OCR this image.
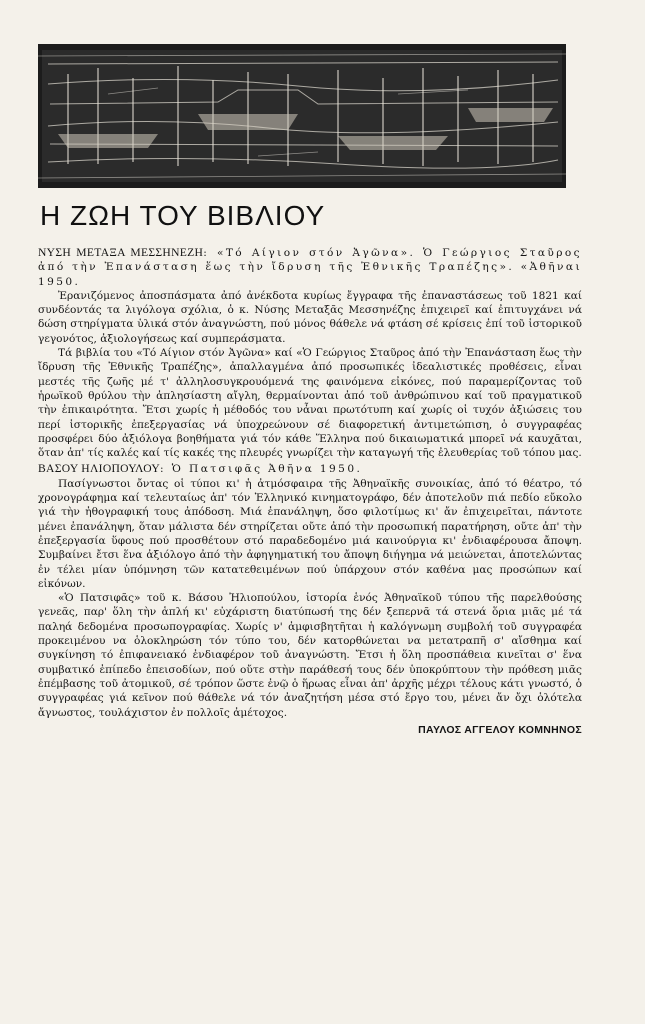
Η ΖΩΗ ΤΟΥ ΒΙΒΛΙΟΥ

ΝΥΣΗ ΜΕΤΑΞΑ ΜΕΣΣΗΝΕΖΗ: «Τό Αίγιον στόν Ἀγῶνα». Ὁ Γεώργιος Σταῦρος ἀπό τὴν Ἐπανάσταση ἕως τὴν ἴδρυση τῆς Ἐθνικῆς Τραπέζης». «Ἀθῆναι 1950.

Ἐρανιζόμενος ἀποσπάσματα ἀπό ἀνέκδοτα κυρίως ἔγγραφα τῆς ἐπαναστάσεως τοῦ 1821 καί συνδέοντάς τα λιγόλογα σχόλια, ὁ κ. Νύσης Μεταξᾶς Μεσσηνέζης ἐπιχειρεῖ καί ἐπιτυγχάνει νά δώση στηρίγματα ὑλικά στόν ἀναγνώστη, πού μόνος θάθελε νά φτάση σέ κρίσεις ἐπί τοῦ ἱστορικοῦ γεγονότος, ἀξιολογήσεως καί συμπεράσματα.

Τά βιβλία του «Τό Αίγιον στόν Ἀγῶνα» καί «Ὁ Γεώργιος Σταῦρος ἀπό τὴν Ἐπανάσταση ἕως τὴν ἴδρυση τῆς Ἐθνικῆς Τραπέζης», ἀπαλλαγμένα ἀπό προσωπικές ἰδεαλιστικές προθέσεις, εἶναι μεστές τῆς ζωῆς μέ τ' ἀλληλοσυγκρουόμενά της φαινόμενα εἰκόνες, πού παραμερίζοντας τοῦ ἡρωϊκοῦ θρύλου τὴν ἀπλησίαστη αἴγλη, θερμαίνονται ἀπό τοῦ ἀνθρώπινου καί τοῦ πραγματικοῦ τὴν ἐπικαιρότητα. Ἔτσι χωρίς ἡ μέθοδός του νἆναι πρωτότυπη καί χωρίς οἱ τυχόν ἀξιώσεις του περί ἱστορικῆς ἐπεξεργασίας νά ὑποχρεώνουν σέ διαφορετική ἀντιμετώπιση, ὁ συγγραφέας προσφέρει δύο ἀξιόλογα βοηθήματα γιά τόν κάθε Ἕλληνα πού δικαιωματικά μπορεῖ νά καυχᾶται, ὅταν ἀπ' τίς καλές καί τίς κακές της πλευρές γνωρίζει τὴν καταγωγή τῆς ἐλευθερίας τοῦ τόπου μας.

ΒΑΣΟΥ ΗΛΙΟΠΟΥΛΟΥ: Ὁ Πατσιφᾶς Ἀθῆνα 1950.

Πασίγνωστοι ὄντας οἱ τύποι κι' ἡ ἀτμόσφαιρα τῆς Ἀθηναϊκῆς συνοικίας, ἀπό τό θέατρο, τό χρονογράφημα καί τελευταίως ἀπ' τόν Ἑλληνικό κινηματογράφο, δέν ἀποτελοῦν πιά πεδίο εὔκολο γιά τὴν ἠθογραφική τους ἀπόδοση. Μιά ἐπανάληψη, ὅσο φιλοτίμως κι' ἄν ἐπιχειρεῖται, πάντοτε μένει ἐπανάληψη, ὅταν μάλιστα δέν στηρίζεται οὔτε ἀπό τὴν προσωπική παρατήρηση, οὔτε ἀπ' τὴν ἐπεξεργασία ὕφους πού προσθέτουν στό παραδεδομένο μιά καινούργια κι' ἐνδιαφέρουσα ἄποψη. Συμβαίνει ἔτσι ἕνα ἀξιόλογο ἀπό τὴν ἀφηγηματική του ἄποψη διήγημα νά μειώνεται, ἀποτελώντας ἐν τέλει μίαν ὑπόμνηση τῶν κατατεθειμένων πού ὑπάρχουν στόν καθένα μας προσώπων καί εἰκόνων.

«Ὁ Πατσιφᾶς» τοῦ κ. Βάσου Ἠλιοπούλου, ἱστορία ἑνός Ἀθηναϊκοῦ τύπου τῆς παρελθούσης γενεᾶς, παρ' ὅλη τὴν ἁπλή κι' εὐχάριστη διατύπωσή της δέν ξεπερνᾶ τά στενά ὅρια μιᾶς μέ τά παληά δεδομένα προσωπογραφίας. Χωρίς ν' ἀμφισβητῆται ἡ καλόγνωμη συμβολή τοῦ συγγραφέα προκειμένου να ὁλοκληρώση τόν τύπο του, δέν κατορθώνεται να μετατραπῆ σ' αἴσθημα καί συγκίνηση τό ἐπιφανειακό ἐνδιαφέρον τοῦ ἀναγνώστη. Ἔτσι ἡ ὅλη προσπάθεια κινεῖται σ' ἕνα συμβατικό ἐπίπεδο ἐπεισοδίων, πού οὔτε στὴν παράθεσή τους δέν ὑποκρύπτουν τὴν πρόθεση μιᾶς ἐπέμβασης τοῦ ἀτομικοῦ, σέ τρόπον ὥστε ἐνῷ ὁ ἥρωας εἶναι ἀπ' ἀρχῆς μέχρι τέλους κάτι γνωστό, ὁ συγγραφέας γιά κεῖνον πού θάθελε νά τόν ἀναζητήση μέσα στό ἔργο του, μένει ἄν ὄχι ὁλότελα ἄγνωστος, τουλάχιστον ἐν πολλοῖς ἀμέτοχος.

ΠΑΥΛΟΣ ΑΓΓΕΛΟΥ ΚΟΜΝΗΝΟΣ
